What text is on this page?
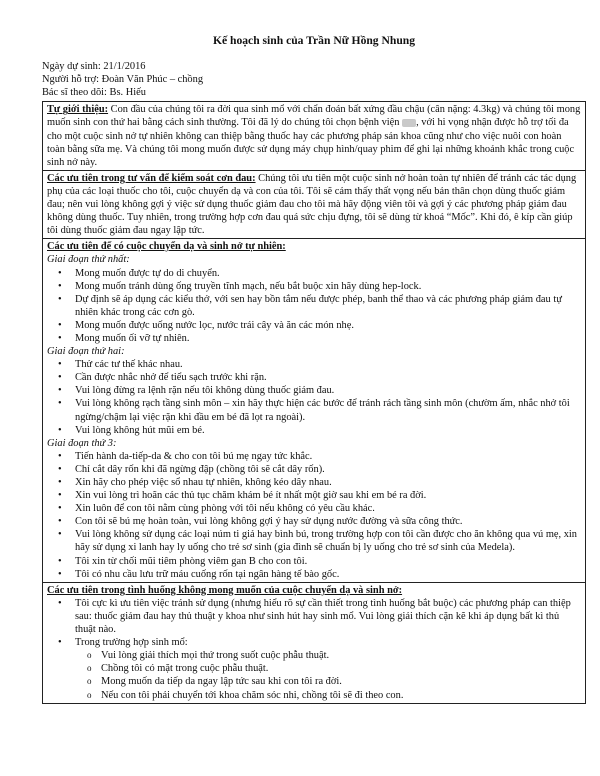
Kế hoạch sinh của Trần Nữ Hồng Nhung
Ngày dự sinh: 21/1/2016
Người hỗ trợ: Đoàn Văn Phúc – chồng
Bác sĩ theo dõi: Bs. Hiếu
Tự giới thiệu: Con đầu của chúng tôi ra đời qua sinh mổ với chẩn đoán bất xứng đầu chậu (cân nặng: 4.3kg) và chúng tôi mong muốn sinh con thứ hai bằng cách sinh thường. Tôi đã lý do chúng tôi chọn bệnh viện , với hi vọng nhận được hỗ trợ tối đa cho một cuộc sinh nở tự nhiên không can thiệp bằng thuốc hay các phương pháp sản khoa cũng như cho việc nuôi con hoàn toàn bằng sữa mẹ. Và chúng tôi mong muốn được sử dụng máy chụp hình/quay phim để ghi lại những khoảnh khắc trong cuộc sinh nở này.
Các ưu tiên trong tư vấn để kiểm soát cơn đau: Chúng tôi ưu tiên một cuộc sinh nở hoàn toàn tự nhiên để tránh các tác dụng phụ của các loại thuốc cho tôi, cuộc chuyển dạ và con của tôi. Tôi sẽ cảm thấy thất vọng nếu bản thân chọn dùng thuốc giảm đau; nên vui lòng không gợi ý việc sử dụng thuốc giảm đau cho tôi mà hãy động viên tôi và gợi ý các phương pháp giảm đau không dùng thuốc. Tuy nhiên, trong trường hợp cơn đau quá sức chịu đựng, tôi sẽ dùng từ khoá “Mốc”. Khi đó, ê kíp cần giúp tôi dùng thuốc giảm đau ngay lập tức.
Các ưu tiên để có cuộc chuyển dạ và sinh nở tự nhiên:
Giai đoạn thứ nhất:
• Mong muốn được tự do di chuyển.
• Mong muốn tránh dùng ống truyền tĩnh mạch, nếu bắt buộc xin hãy dùng hep-lock.
• Dự định sẽ áp dụng các kiểu thở, với sen hay bồn tắm nếu được phép, banh thể thao và các phương pháp giảm đau tự nhiên khác trong các cơn gò.
• Mong muốn được uống nước lọc, nước trái cây và ăn các món nhẹ.
• Mong muốn ối vỡ tự nhiên.
Giai đoạn thứ hai:
• Thử các tư thế khác nhau.
• Cần được nhắc nhở để tiểu sạch trước khi rặn.
• Vui lòng đừng ra lệnh rặn nếu tôi không dùng thuốc giảm đau.
• Vui lòng không rạch tầng sinh môn – xin hãy thực hiện các bước để tránh rách tầng sinh môn (chườm ấm, nhắc nhở tôi ngừng/chậm lại việc rặn khi đầu em bé đã lọt ra ngoài).
• Vui lòng không hút mũi em bé.
Giai đoạn thứ 3:
• Tiến hành da-tiếp-da & cho con tôi bú mẹ ngay tức khắc.
• Chỉ cắt dây rốn khi đã ngừng đập (chồng tôi sẽ cắt dây rốn).
• Xin hãy cho phép việc sổ nhau tự nhiên, không kéo dây nhau.
• Xin vui lòng trì hoãn các thủ tục chăm khám bé ít nhất một giờ sau khi em bé ra đời.
• Xin luôn để con tôi nằm cùng phòng với tôi nếu không có yêu cầu khác.
• Con tôi sẽ bú mẹ hoàn toàn, vui lòng không gợi ý hay sử dụng nước đường và sữa công thức.
• Vui lòng không sử dụng các loại núm ti giả hay bình bú, trong trường hợp con tôi cần được cho ăn không qua vú mẹ, xin hãy sử dụng xi lanh hay ly uống cho trẻ sơ sinh (gia đình sẽ chuẩn bị ly uống cho trẻ sơ sinh của Medela).
• Tôi xin từ chối mũi tiêm phòng viêm gan B cho con tôi.
• Tôi có nhu cầu lưu trữ máu cuống rốn tại ngân hàng tế bào gốc.
Các ưu tiên trong tình huống không mong muốn của cuộc chuyển dạ và sinh nở:
• Tôi cực kì ưu tiên việc tránh sử dụng (nhưng hiểu rõ sự cần thiết trong tình huống bắt buộc) các phương pháp can thiệp sau: thuốc giảm đau hay thủ thuật y khoa như sinh hút hay sinh mổ. Vui lòng giải thích cặn kẽ khi áp dụng bất kì thủ thuật nào.
• Trong trường hợp sinh mổ:
o Vui lòng giải thích mọi thứ trong suốt cuộc phẫu thuật.
o Chồng tôi có mặt trong cuộc phẫu thuật.
o Mong muốn da tiếp da ngay lập tức sau khi con tôi ra đời.
o Nếu con tôi phải chuyển tới khoa chăm sóc nhi, chồng tôi sẽ đi theo con.
